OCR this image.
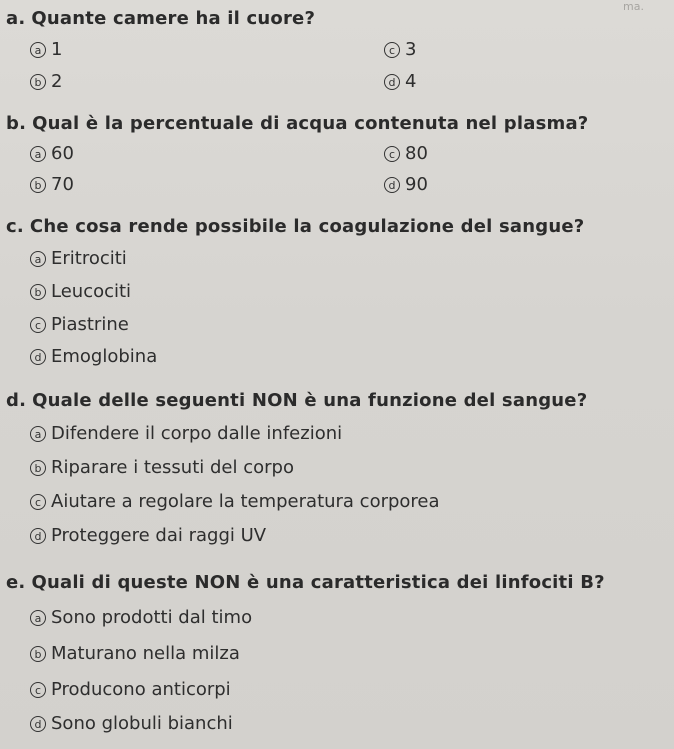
ma.
a. Quante camere ha il cuore?
a 1
b 2
c 3
d 4
b. Qual è la percentuale di acqua contenuta nel plasma?
a 60
b 70
c 80
d 90
c. Che cosa rende possibile la coagulazione del sangue?
a Eritrociti
b Leucociti
c Piastrine
d Emoglobina
d. Quale delle seguenti NON è una funzione del sangue?
a Difendere il corpo dalle infezioni
b Riparare i tessuti del corpo
c Aiutare a regolare la temperatura corporea
d Proteggere dai raggi UV
e. Quali di queste NON è una caratteristica dei linfociti B?
a Sono prodotti dal timo
b Maturano nella milza
c Producono anticorpi
d Sono globuli bianchi
